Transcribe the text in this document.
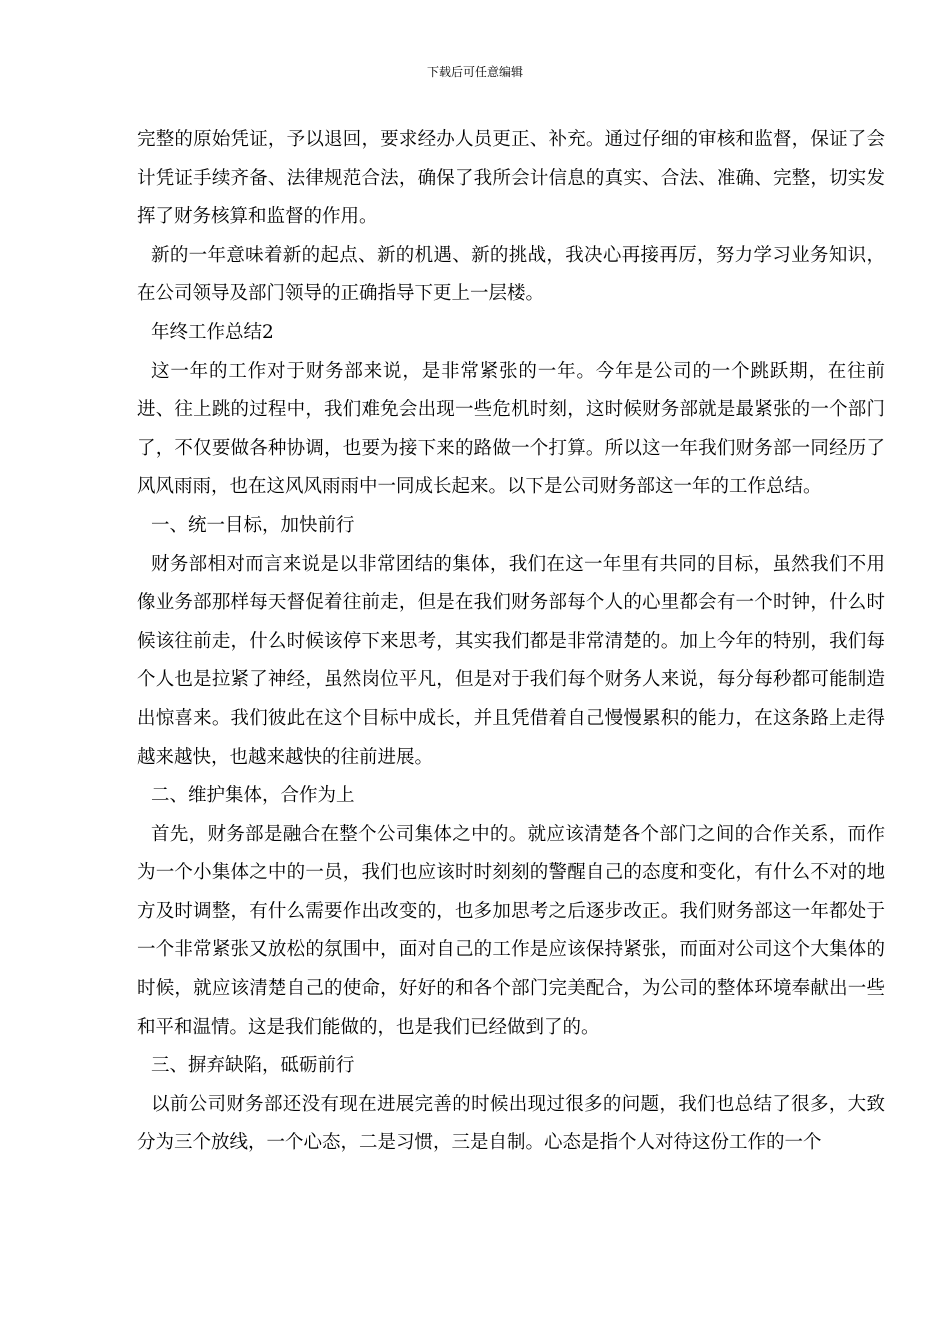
下载后可任意编辑

完整的原始凭证，予以退回，要求经办人员更正、补充。通过仔细的审核和监督，保证了会计凭证手续齐备、法律规范合法，确保了我所会计信息的真实、合法、准确、完整，切实发挥了财务核算和监督的作用。

新的一年意味着新的起点、新的机遇、新的挑战，我决心再接再厉，努力学习业务知识，在公司领导及部门领导的正确指导下更上一层楼。

年终工作总结2

这一年的工作对于财务部来说，是非常紧张的一年。今年是公司的一个跳跃期，在往前进、往上跳的过程中，我们难免会出现一些危机时刻，这时候财务部就是最紧张的一个部门了，不仅要做各种协调，也要为接下来的路做一个打算。所以这一年我们财务部一同经历了风风雨雨，也在这风风雨雨中一同成长起来。以下是公司财务部这一年的工作总结。

一、统一目标，加快前行

财务部相对而言来说是以非常团结的集体，我们在这一年里有共同的目标，虽然我们不用像业务部那样每天督促着往前走，但是在我们财务部每个人的心里都会有一个时钟，什么时候该往前走，什么时候该停下来思考，其实我们都是非常清楚的。加上今年的特别，我们每个人也是拉紧了神经，虽然岗位平凡，但是对于我们每个财务人来说，每分每秒都可能制造出惊喜来。我们彼此在这个目标中成长，并且凭借着自己慢慢累积的能力，在这条路上走得越来越快，也越来越快的往前进展。

二、维护集体，合作为上

首先，财务部是融合在整个公司集体之中的。就应该清楚各个部门之间的合作关系，而作为一个小集体之中的一员，我们也应该时时刻刻的警醒自己的态度和变化，有什么不对的地方及时调整，有什么需要作出改变的，也多加思考之后逐步改正。我们财务部这一年都处于一个非常紧张又放松的氛围中，面对自己的工作是应该保持紧张，而面对公司这个大集体的时候，就应该清楚自己的使命，好好的和各个部门完美配合，为公司的整体环境奉献出一些和平和温情。这是我们能做的，也是我们已经做到了的。

三、摒弃缺陷，砥砺前行

以前公司财务部还没有现在进展完善的时候出现过很多的问题，我们也总结了很多，大致分为三个放线，一个心态，二是习惯，三是自制。心态是指个人对待这份工作的一个
